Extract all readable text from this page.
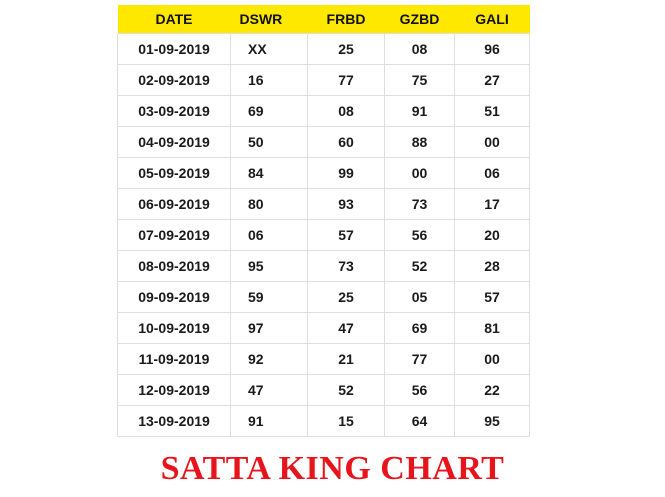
DATE	DSWR	FRBD	GZBD	GALI
01-09-2019	XX	25	08	96
02-09-2019	16	77	75	27
03-09-2019	69	08	91	51
04-09-2019	50	60	88	00
05-09-2019	84	99	00	06
06-09-2019	80	93	73	17
07-09-2019	06	57	56	20
08-09-2019	95	73	52	28
09-09-2019	59	25	05	57
10-09-2019	97	47	69	81
11-09-2019	92	21	77	00
12-09-2019	47	52	56	22
13-09-2019	91	15	64	95
SATTA KING CHART
